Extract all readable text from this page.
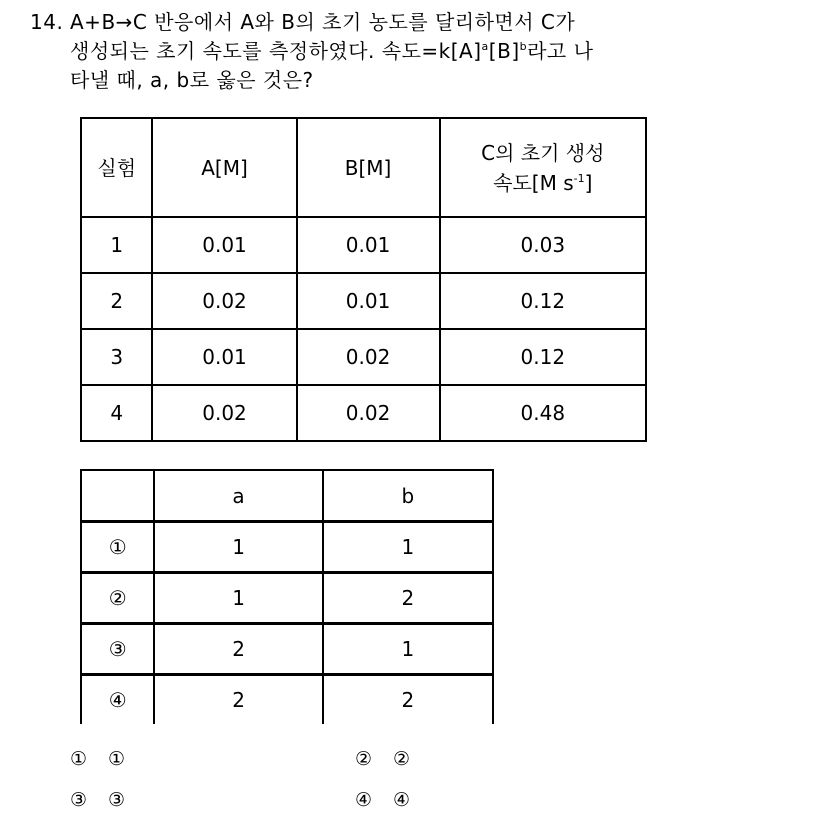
14. A+B→C 반응에서 A와 B의 초기 농도를 달리하면서 C가
생성되는 초기 속도를 측정하였다. 속도$=k[A]^a[B]^b$라고 나
타낼 때, a, b로 옳은 것은?
실험	A[M]	B[M]	C의 초기 생성
속도[M $s^{-1}$]

1	0.01	0.01	0.03
2	0.02	0.01	0.12
3	0.01	0.02	0.12
4	0.02	0.02	0.48
	a	b
①	1	1
②	1	2
③	2	1
④	2	2
① ①	② ②
③ ③	④ ④
